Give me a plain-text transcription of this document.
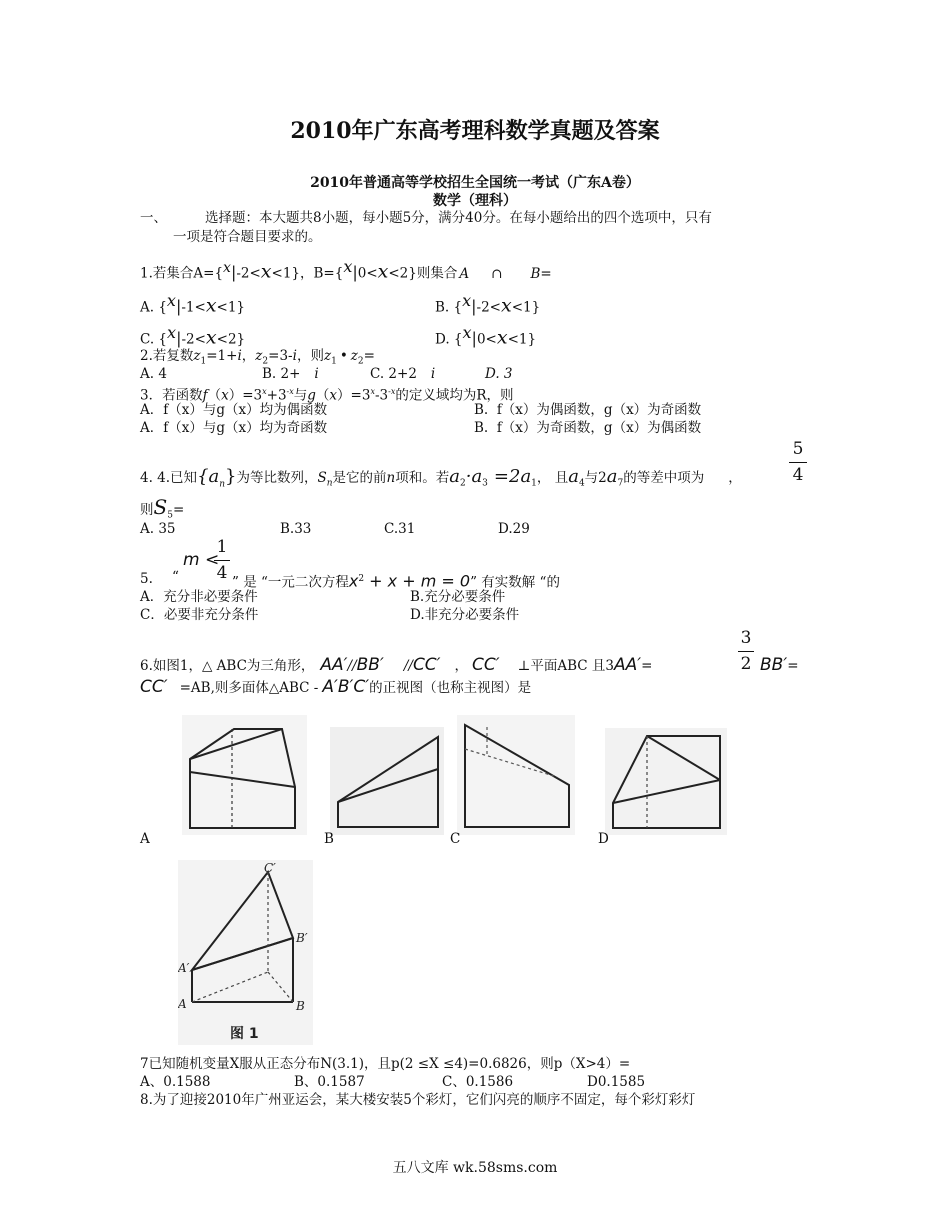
2010年广东高考理科数学真题及答案
2010年普通高等学校招生全国统一考试（广东A卷）
数学（理科）
一、	选择题：本大题共8小题，每小题5分，满分40分。在每小题给出的四个选项中，只有
一项是符合题目要求的。
1.若集合A={$^x$|-2<x<1}，B={$^x$|0<x<2}则集合 A ∩ B=
A. {$^x$|-1<x<1}	B. {$^x$|-2<x<1}
C. {$^x$|-2<x<2}	D. {$^x$|0<x<1}
2.若复数$z_1=1+i$，$z_2=3-i$，则$z_1$ • $z_2=$
A. 4	B. 2+ i	C. 2+2 i	D. 3
3．若函数$f(x)=3^x+3^{-x}$与$g(x)=3^x-3^{-x}$的定义域均为R，则
A．f（x）与g（x）均为偶函数	B. f（x）为偶函数，g（x）为奇函数
A．f（x）与g（x）均为奇函数	B. f（x）为奇函数，g（x）为偶函数
4. 4.已知$\{a_n\}$为等比数列，$S_n$是它的前n项和。若$a_2\cdot a_3 =2a_1$， 且$a_4$与$2a_7$的等差中项为 ，
5
4
则$S_5=$
A. 35	B.33	C.31	D.29
5. “
m <
1
4 ” 是 “一元二次方程$x^2 + x + m = 0$” 有实数解 “的
A．充分非必要条件	B.充分必要条件
C．必要非充分条件	D.非充分必要条件
6.如图1，△ ABC为三角形， AA′//BB′ //CC′ ， CC′ ⊥平面ABC 且3AA′=
3
2 BB′=
CC′ =AB,则多面体△ABC - A′B′C′的正视图（也称主视图）是
A	B	C	D
C′
B′
A′
A	B
图 1
7已知随机变量X服从正态分布N(3.1)，且p(2 ≤X ≤4)=0.6826，则p（X>4）=
A、0.1588	B、0.1587	C、0.1586	D0.1585
8.为了迎接2010年广州亚运会，某大楼安装5个彩灯，它们闪亮的顺序不固定，每个彩灯彩灯
五八文库 wk.58sms.com
